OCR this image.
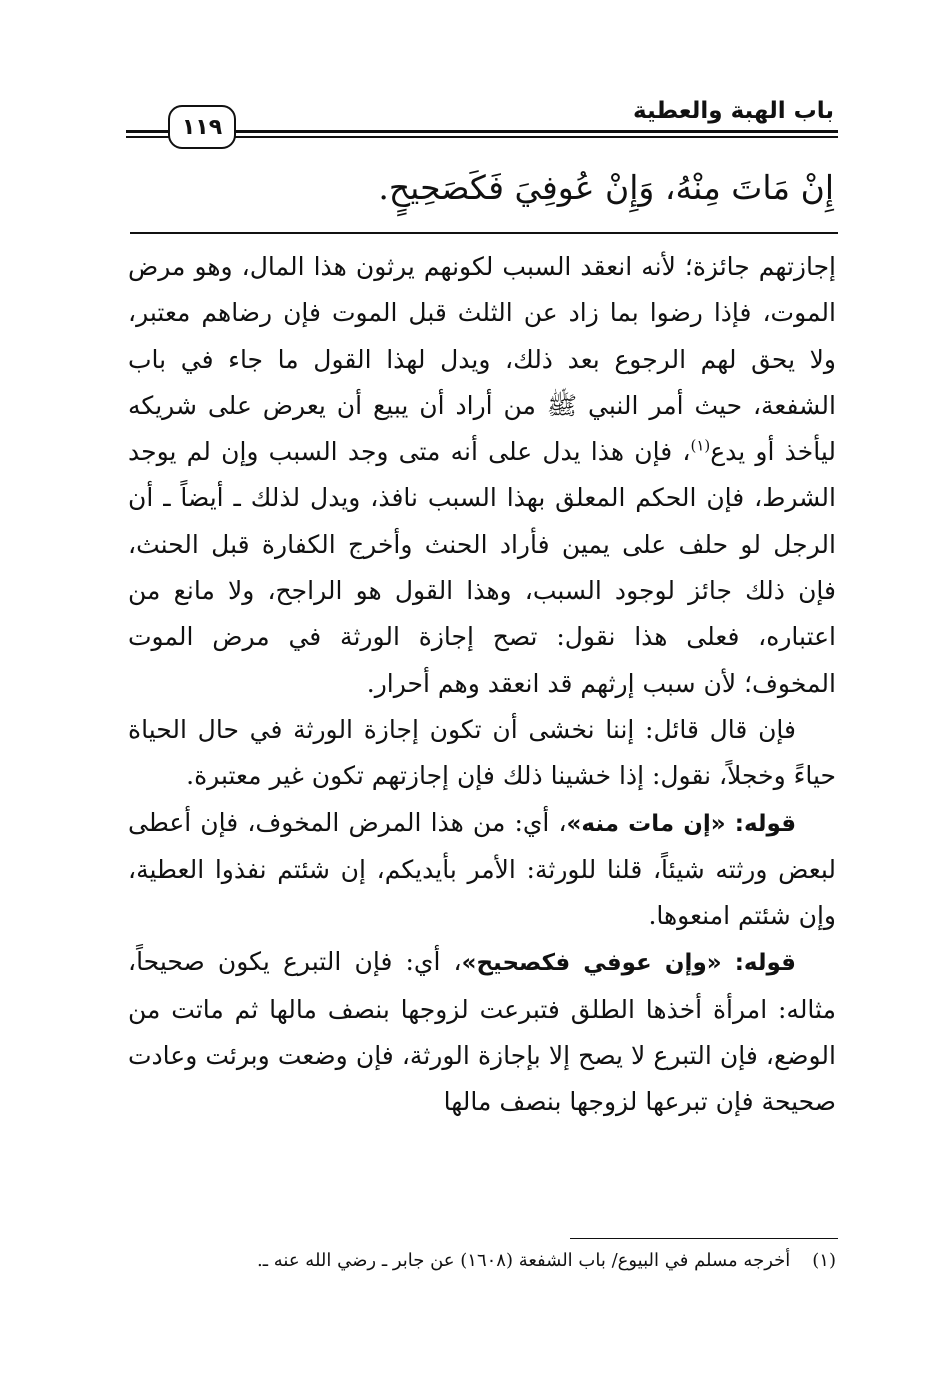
باب الهبة والعطية
١١٩
إِنْ مَاتَ مِنْهُ، وَإِنْ عُوفِيَ فَكَصَحِيحٍ.

إجازتهم جائزة؛ لأنه انعقد السبب لكونهم يرثون هذا المال، وهو مرض الموت، فإذا رضوا بما زاد عن الثلث قبل الموت فإن رضاهم معتبر، ولا يحق لهم الرجوع بعد ذلك، ويدل لهذا القول ما جاء في باب الشفعة، حيث أمر النبي ﷺ من أراد أن يبيع أن يعرض على شريكه ليأخذ أو يدع$^{(١)}$، فإن هذا يدل على أنه متى وجد السبب وإن لم يوجد الشرط، فإن الحكم المعلق بهذا السبب نافذ، ويدل لذلك ـ أيضاً ـ أن الرجل لو حلف على يمين فأراد الحنث وأخرج الكفارة قبل الحنث، فإن ذلك جائز لوجود السبب، وهذا القول هو الراجح، ولا مانع من اعتباره، فعلى هذا نقول: تصح إجازة الورثة في مرض الموت المخوف؛ لأن سبب إرثهم قد انعقد وهم أحرار.

فإن قال قائل: إننا نخشى أن تكون إجازة الورثة في حال الحياة حياءً وخجلاً، نقول: إذا خشينا ذلك فإن إجازتهم تكون غير معتبرة.

قوله: «إن مات منه»، أي: من هذا المرض المخوف، فإن أعطى لبعض ورثته شيئاً، قلنا للورثة: الأمر بأيديكم، إن شئتم نفذوا العطية، وإن شئتم امنعوها.

قوله: «وإن عوفي فكصحيح»، أي: فإن التبرع يكون صحيحاً، مثاله: امرأة أخذها الطلق فتبرعت لزوجها بنصف مالها ثم ماتت من الوضع، فإن التبرع لا يصح إلا بإجازة الورثة، فإن وضعت وبرئت وعادت صحيحة فإن تبرعها لزوجها بنصف مالها

(١)أخرجه مسلم في البيوع/ باب الشفعة (١٦٠٨) عن جابر ـ رضي الله عنه ـ.
